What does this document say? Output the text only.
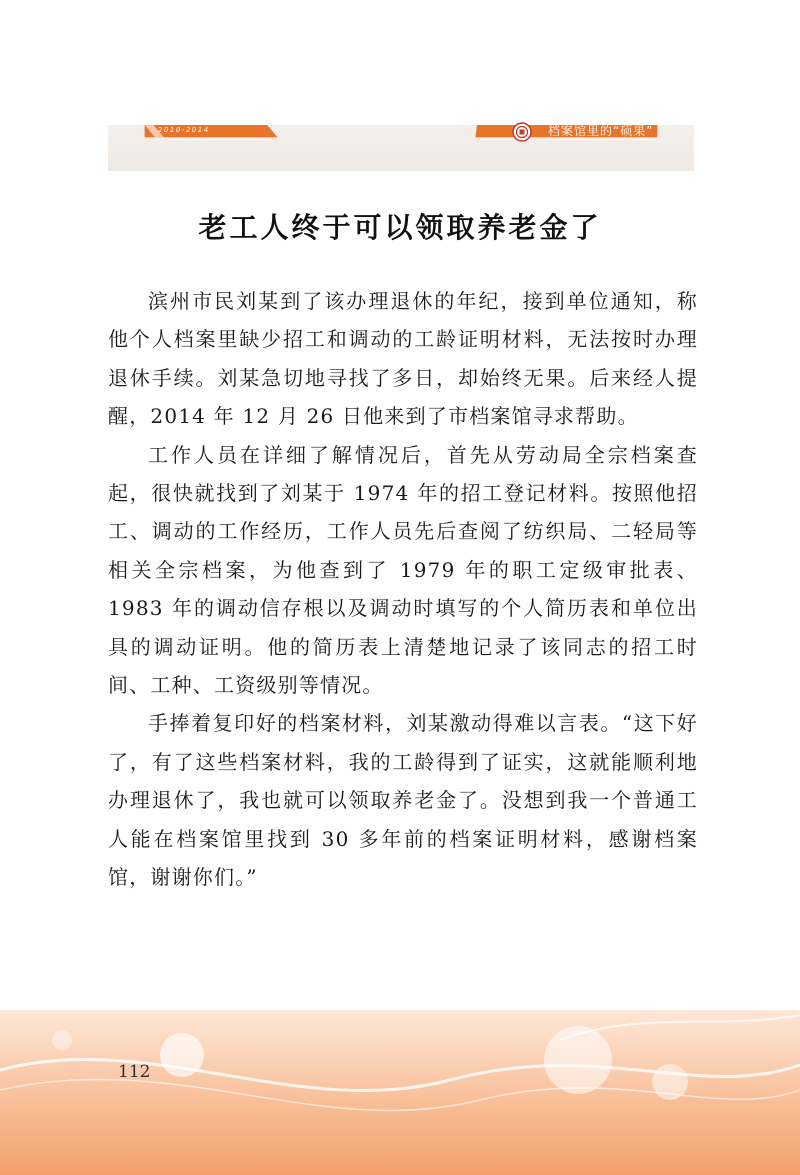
2010-2014	档案馆里的“硕果”
老工人终于可以领取养老金了

滨州市民刘某到了该办理退休的年纪，接到单位通知，称他个人档案里缺少招工和调动的工龄证明材料，无法按时办理退休手续。刘某急切地寻找了多日，却始终无果。后来经人提醒，2014 年 12 月 26 日他来到了市档案馆寻求帮助。

工作人员在详细了解情况后，首先从劳动局全宗档案查起，很快就找到了刘某于 1974 年的招工登记材料。按照他招工、调动的工作经历，工作人员先后查阅了纺织局、二轻局等相关全宗档案，为他查到了 1979 年的职工定级审批表、1983 年的调动信存根以及调动时填写的个人简历表和单位出具的调动证明。他的简历表上清楚地记录了该同志的招工时间、工种、工资级别等情况。

手捧着复印好的档案材料，刘某激动得难以言表。“这下好了，有了这些档案材料，我的工龄得到了证实，这就能顺利地办理退休了，我也就可以领取养老金了。没想到我一个普通工人能在档案馆里找到 30 多年前的档案证明材料，感谢档案馆，谢谢你们。”

112
